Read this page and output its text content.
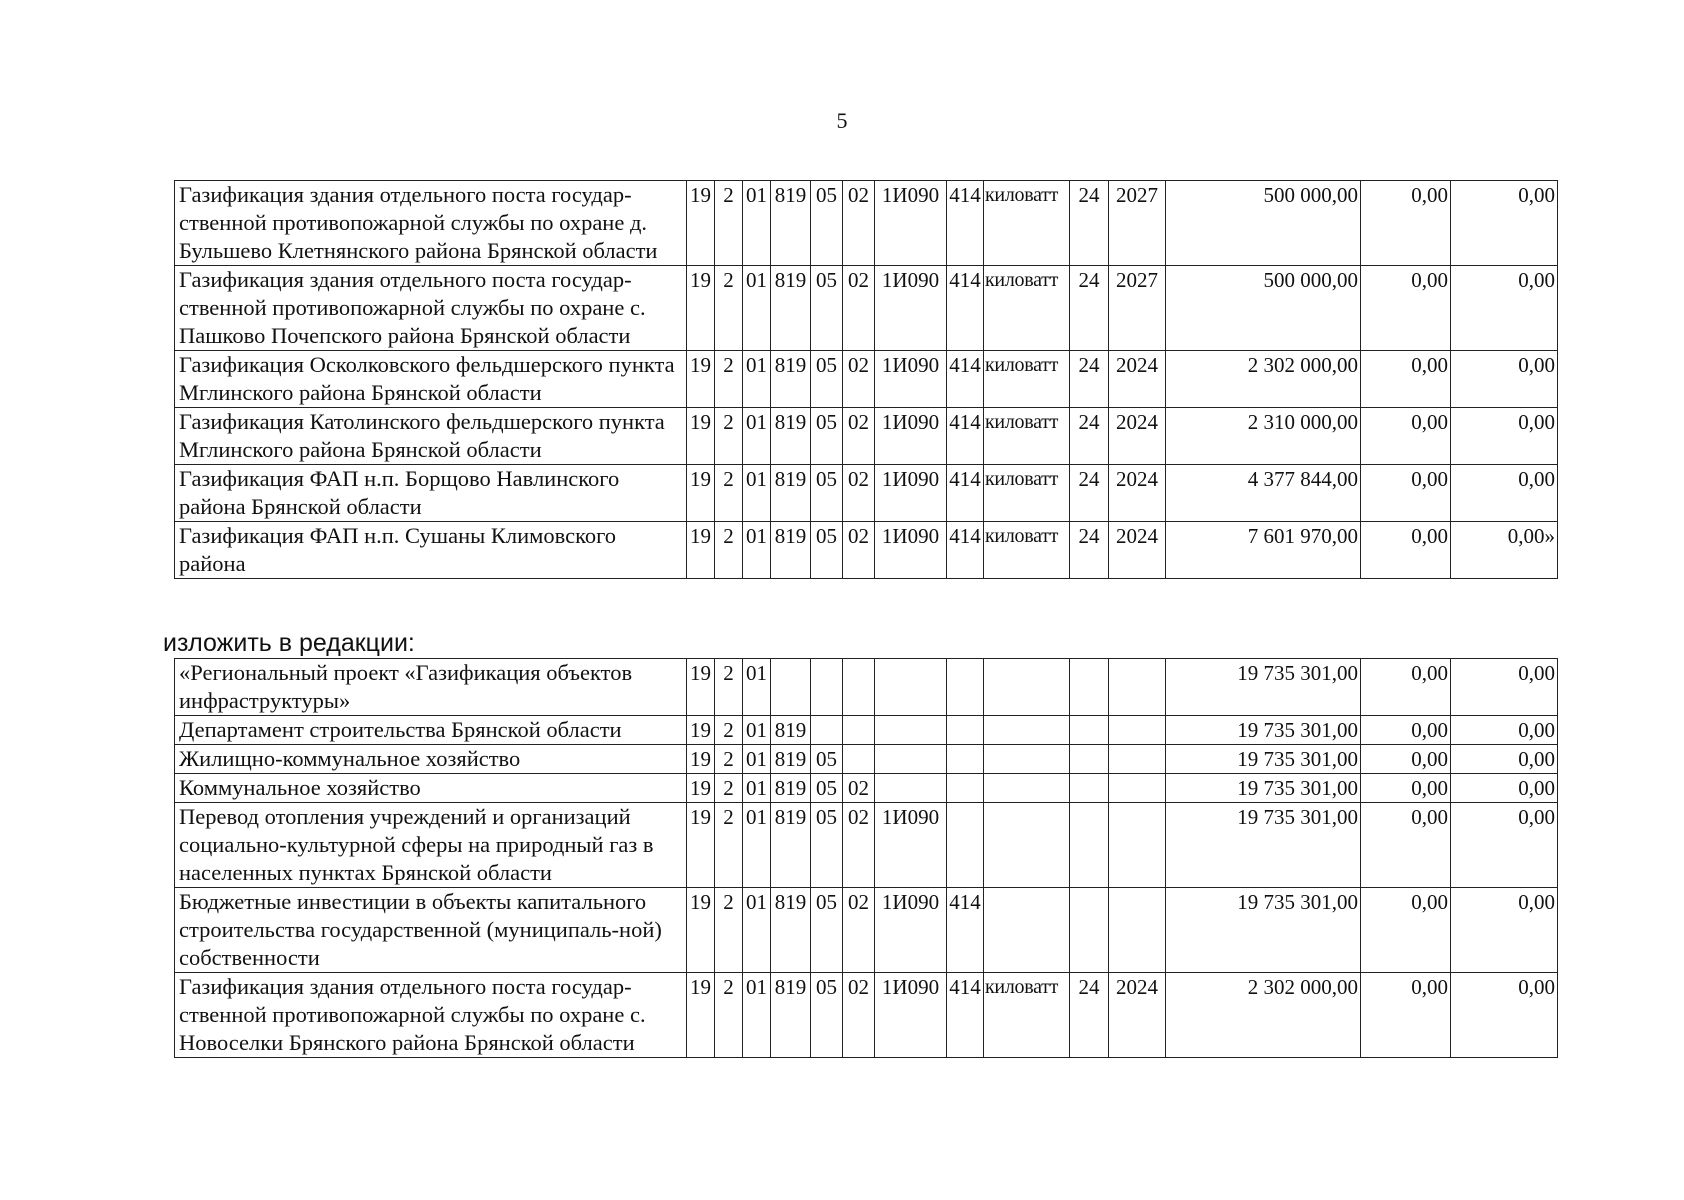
5
Газификация здания отдельного поста государ-ственной противопожарной службы по охране д. Бульшево Клетнянского района Брянской области	19	2	01	819	05	02	1И090	414	киловатт	24	2027	500 000,00	0,00	0,00
Газификация здания отдельного поста государ-ственной противопожарной службы по охране с. Пашково Почепского района Брянской области	19	2	01	819	05	02	1И090	414	киловатт	24	2027	500 000,00	0,00	0,00
Газификация Осколковского фельдшерского пункта Мглинского района Брянской области	19	2	01	819	05	02	1И090	414	киловатт	24	2024	2 302 000,00	0,00	0,00
Газификация Католинского фельдшерского пункта Мглинского района Брянской области	19	2	01	819	05	02	1И090	414	киловатт	24	2024	2 310 000,00	0,00	0,00
Газификация ФАП н.п. Борщово Навлинского района Брянской области	19	2	01	819	05	02	1И090	414	киловатт	24	2024	4 377 844,00	0,00	0,00
Газификация ФАП н.п. Сушаны Климовского района	19	2	01	819	05	02	1И090	414	киловатт	24	2024	7 601 970,00	0,00	0,00»
изложить в редакции:
«Региональный проект «Газификация объектов инфраструктуры»	19	2	01									19 735 301,00	0,00	0,00
Департамент строительства Брянской области	19	2	01	819								19 735 301,00	0,00	0,00
Жилищно-коммунальное хозяйство	19	2	01	819	05							19 735 301,00	0,00	0,00
Коммунальное хозяйство	19	2	01	819	05	02						19 735 301,00	0,00	0,00
Перевод отопления учреждений и организаций социально-культурной сферы на природный газ в населенных пунктах Брянской области	19	2	01	819	05	02	1И090					19 735 301,00	0,00	0,00
Бюджетные инвестиции в объекты капитального строительства государственной (муниципаль-ной) собственности	19	2	01	819	05	02	1И090	414				19 735 301,00	0,00	0,00
Газификация здания отдельного поста государ-ственной противопожарной службы по охране с. Новоселки Брянского района Брянской области	19	2	01	819	05	02	1И090	414	киловатт	24	2024	2 302 000,00	0,00	0,00
